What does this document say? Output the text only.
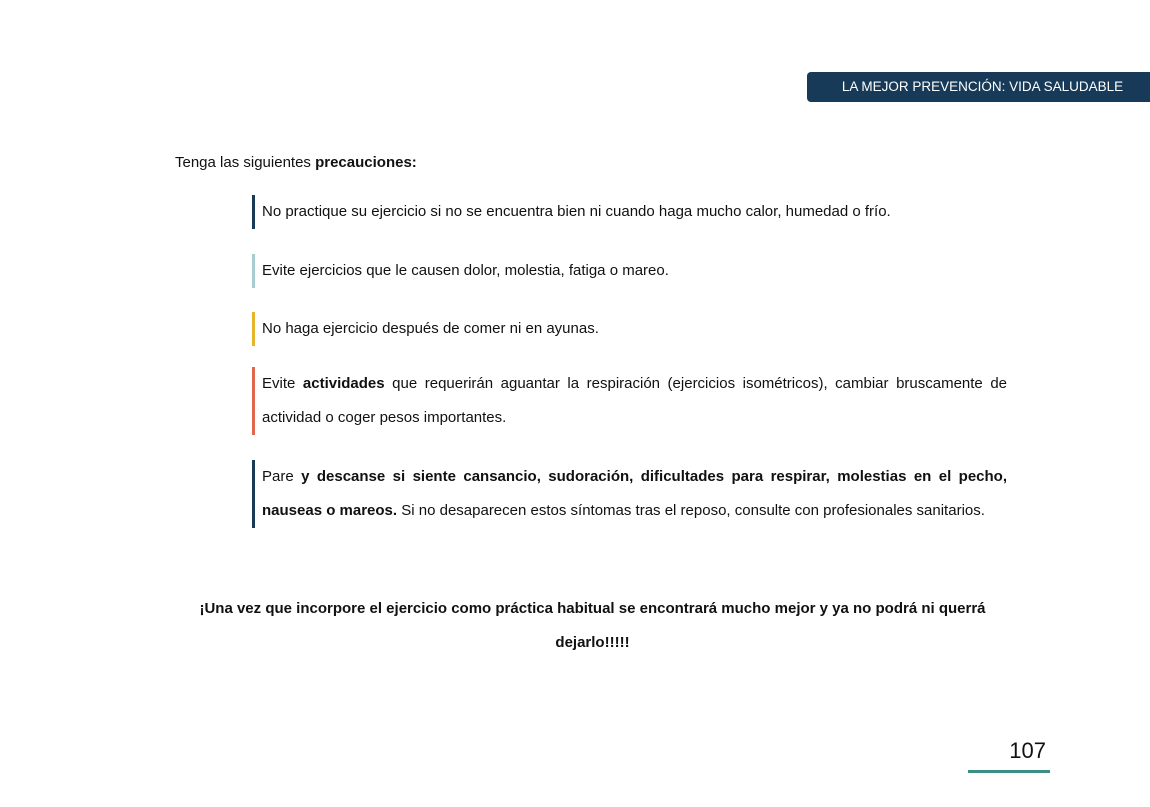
LA MEJOR PREVENCIÓN: VIDA SALUDABLE
Tenga las siguientes precauciones:
No practique su ejercicio si no se encuentra bien ni cuando haga mucho calor, humedad o frío.
Evite ejercicios que le causen dolor, molestia, fatiga o mareo.
No haga ejercicio después de comer ni en ayunas.
Evite actividades que requerirán aguantar la respiración (ejercicios isométricos), cambiar bruscamente de actividad o coger pesos importantes.
Pare y descanse si siente cansancio, sudoración, dificultades para respirar, molestias en el pecho, nauseas o mareos. Si no desaparecen estos síntomas tras el reposo, consulte con profesionales sanitarios.
¡Una vez que incorpore el ejercicio como práctica habitual se encontrará mucho mejor y ya no podrá ni querrá dejarlo!!!!!
107
